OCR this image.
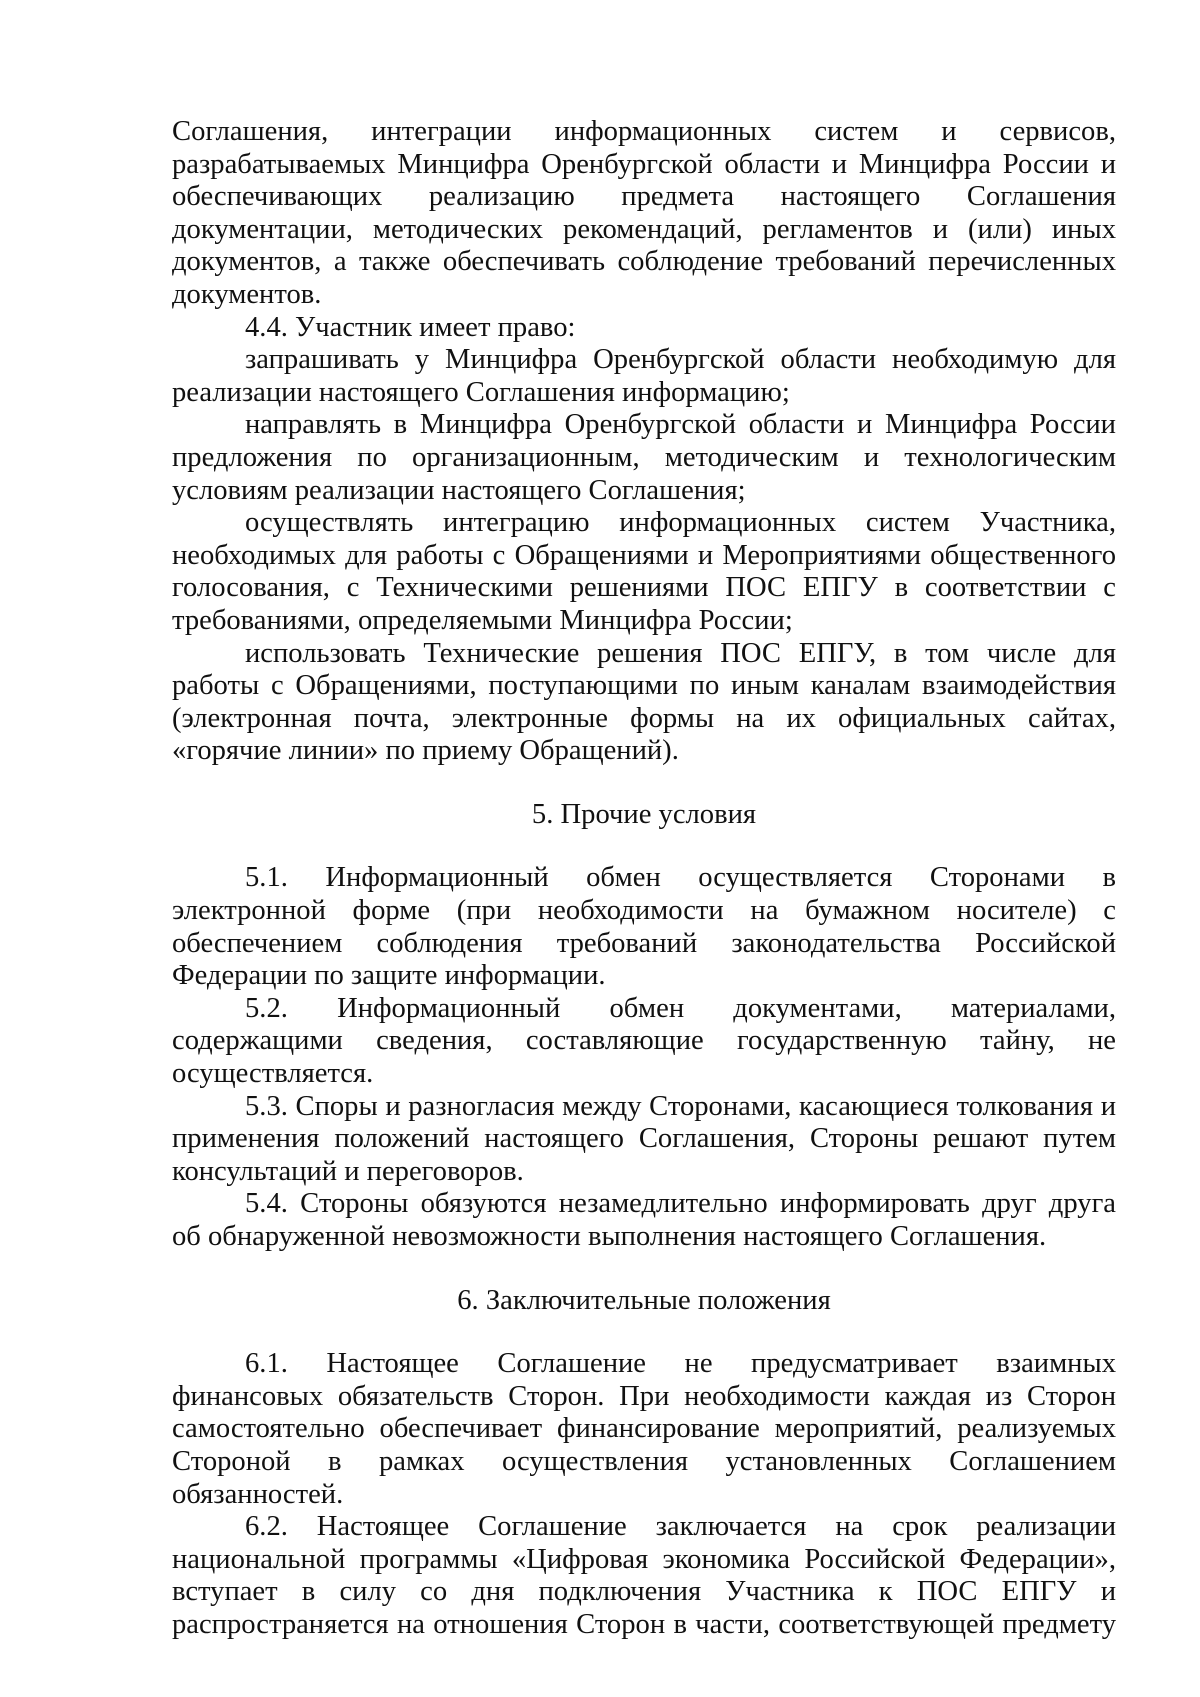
Соглашения, интеграции информационных систем и сервисов, разрабатываемых Минцифра Оренбургской области и Минцифра России и обеспечивающих реализацию предмета настоящего Соглашения документации, методических рекомендаций, регламентов и (или) иных документов, а также обеспечивать соблюдение требований перечисленных документов.

4.4. Участник имеет право:

запрашивать у Минцифра Оренбургской области необходимую для реализации настоящего Соглашения информацию;

направлять в Минцифра Оренбургской области и Минцифра России предложения по организационным, методическим и технологическим условиям реализации настоящего Соглашения;

осуществлять интеграцию информационных систем Участника, необходимых для работы с Обращениями и Мероприятиями общественного голосования, с Техническими решениями ПОС ЕПГУ в соответствии с требованиями, определяемыми Минцифра России;

использовать Технические решения ПОС ЕПГУ, в том числе для работы с Обращениями, поступающими по иным каналам взаимодействия (электронная почта, электронные формы на их официальных сайтах, «горячие линии» по приему Обращений).

5. Прочие условия

5.1. Информационный обмен осуществляется Сторонами в электронной форме (при необходимости на бумажном носителе) с обеспечением соблюдения требований законодательства Российской Федерации по защите информации.

5.2. Информационный обмен документами, материалами, содержащими сведения, составляющие государственную тайну, не осуществляется.

5.3. Споры и разногласия между Сторонами, касающиеся толкования и применения положений настоящего Соглашения, Стороны решают путем консультаций и переговоров.

5.4. Стороны обязуются незамедлительно информировать друг друга об обнаруженной невозможности выполнения настоящего Соглашения.

6. Заключительные положения

6.1. Настоящее Соглашение не предусматривает взаимных финансовых обязательств Сторон. При необходимости каждая из Сторон самостоятельно обеспечивает финансирование мероприятий, реализуемых Стороной в рамках осуществления установленных Соглашением обязанностей.

6.2. Настоящее Соглашение заключается на срок реализации национальной программы «Цифровая экономика Российской Федерации», вступает в силу со дня подключения Участника к ПОС ЕПГУ и распространяется на отношения Сторон в части, соответствующей предмету
